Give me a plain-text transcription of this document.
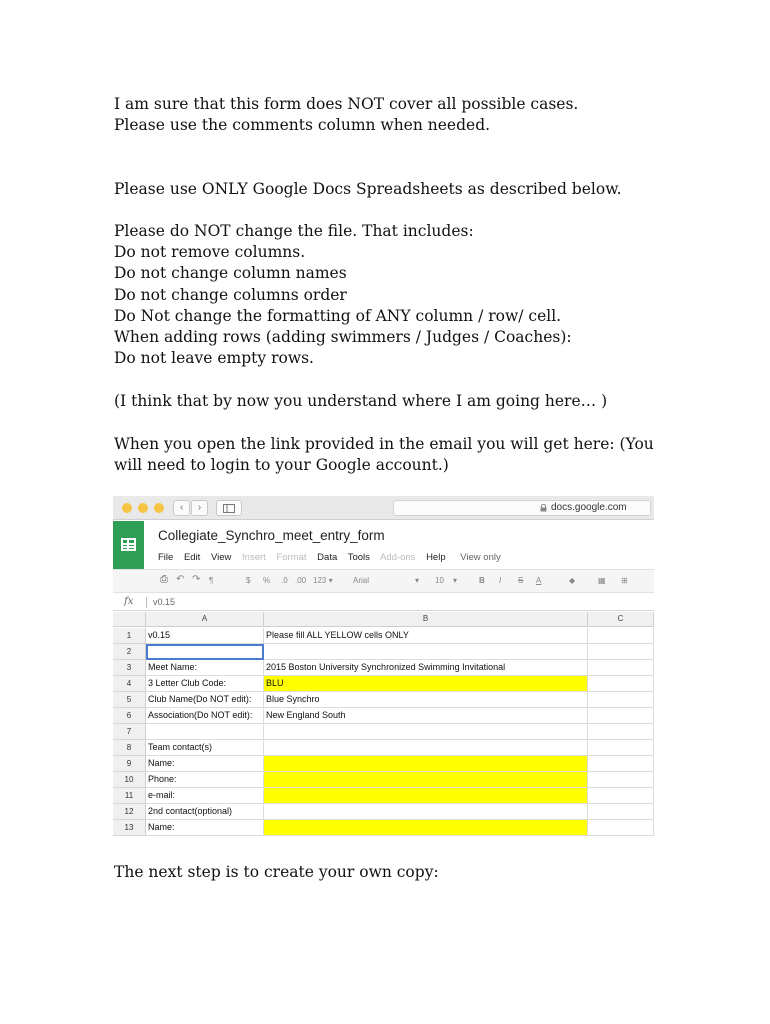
I am sure that this form does NOT cover all possible cases.
Please use the comments column when needed.
Please use ONLY Google Docs Spreadsheets as described below.
Please do NOT change the file. That includes:
Do not remove columns.
Do not change column names
Do not change columns order
Do Not change the formatting of ANY column / row/ cell.
When adding rows (adding swimmers / Judges / Coaches):
Do not leave empty rows.
(I think that by now you understand where I am going here… )
When you open the link provided in the email you will get here: (You
will need to login to your Google account.)
The next step is to create your own copy:
‹	›	docs.google.com
Collegiate_Synchro_meet_entry_form
File Edit View Insert Format Data Tools Add-ons Help View only
⎙ ↶ ↷ ¶	$ % .0 .00 123 ▾	Arial	▾ 10 ▾	B I S A	◆	▦ ⊞
fx v0.15
A	B	C
1	v0.15	Please fill ALL YELLOW cells ONLY
2
3	Meet Name:	2015 Boston University Synchronized Swimming Invitational
4	3 Letter Club Code:	BLU
5	Club Name(Do NOT edit):	Blue Synchro
6	Association(Do NOT edit):	New England South
7
8	Team contact(s)
9	Name:
10	Phone:
11	e-mail:
12	2nd contact(optional)
13	Name:
